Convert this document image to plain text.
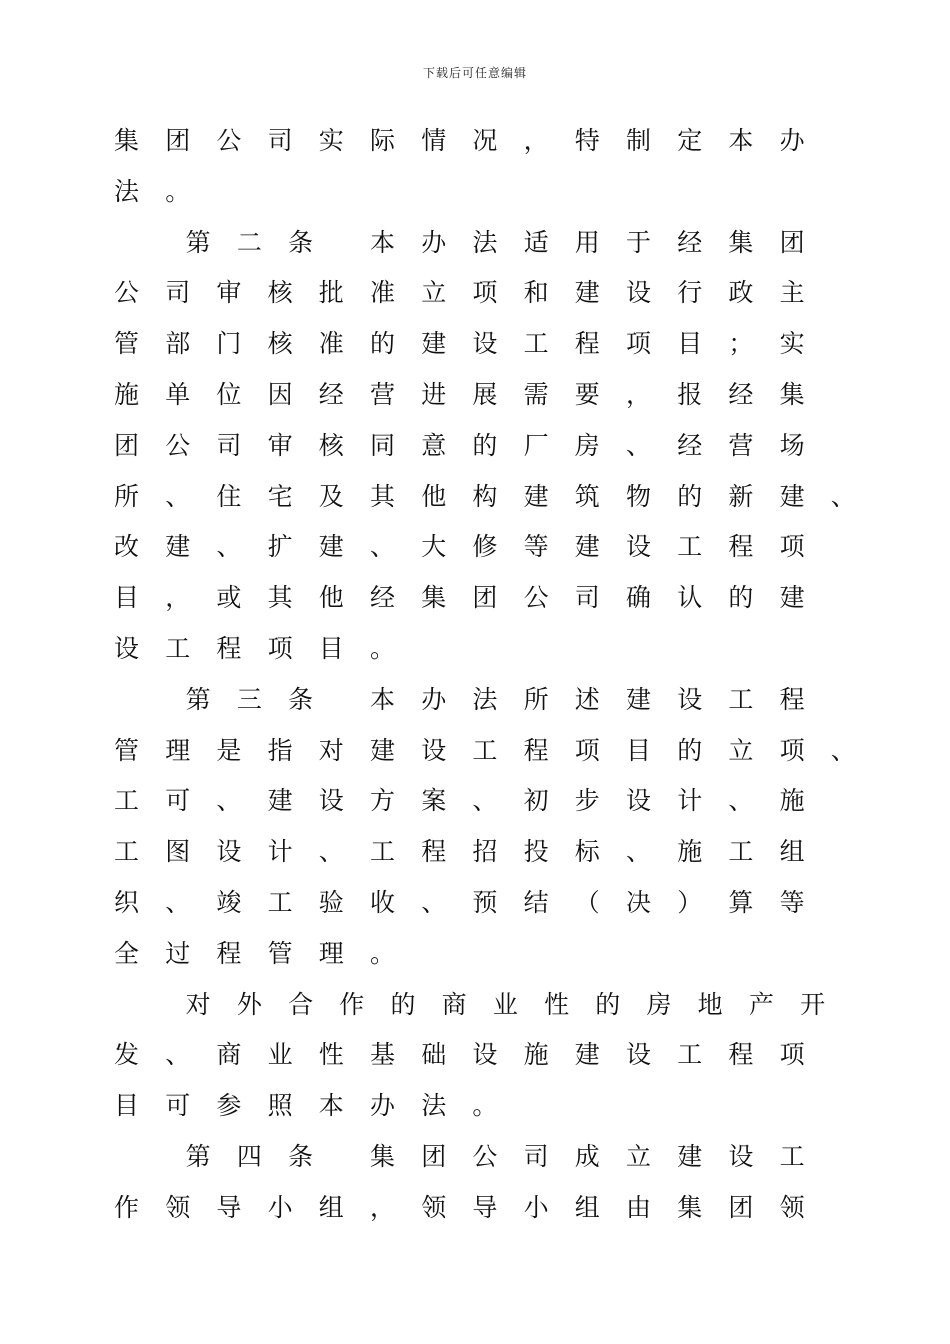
下载后可任意编辑
集	团	公	司	实	际	情	况	，	特	制	定	本	办
法	。
第	二	条	本	办	法	适	用	于	经	集	团
公	司	审	核	批	准	立	项	和	建	设	行	政	主
管	部	门	核	准	的	建	设	工	程	项	目	；	实
施	单	位	因	经	营	进	展	需	要	，	报	经	集
团	公	司	审	核	同	意	的	厂	房	、	经	营	场
所	、	住	宅	及	其	他	构	建	筑	物	的	新	建	、
改	建	、	扩	建	、	大	修	等	建	设	工	程	项
目	，	或	其	他	经	集	团	公	司	确	认	的	建
设	工	程	项	目	。
第	三	条	本	办	法	所	述	建	设	工	程
管	理	是	指	对	建	设	工	程	项	目	的	立	项	、
工	可	、	建	设	方	案	、	初	步	设	计	、	施
工	图	设	计	、	工	程	招	投	标	、	施	工	组
织	、	竣	工	验	收	、	预	结	（	决	）	算	等
全	过	程	管	理	。
对	外	合	作	的	商	业	性	的	房	地	产	开
发	、	商	业	性	基	础	设	施	建	设	工	程	项
目	可	参	照	本	办	法	。
第	四	条	集	团	公	司	成	立	建	设	工
作	领	导	小	组	，	领	导	小	组	由	集	团	领
